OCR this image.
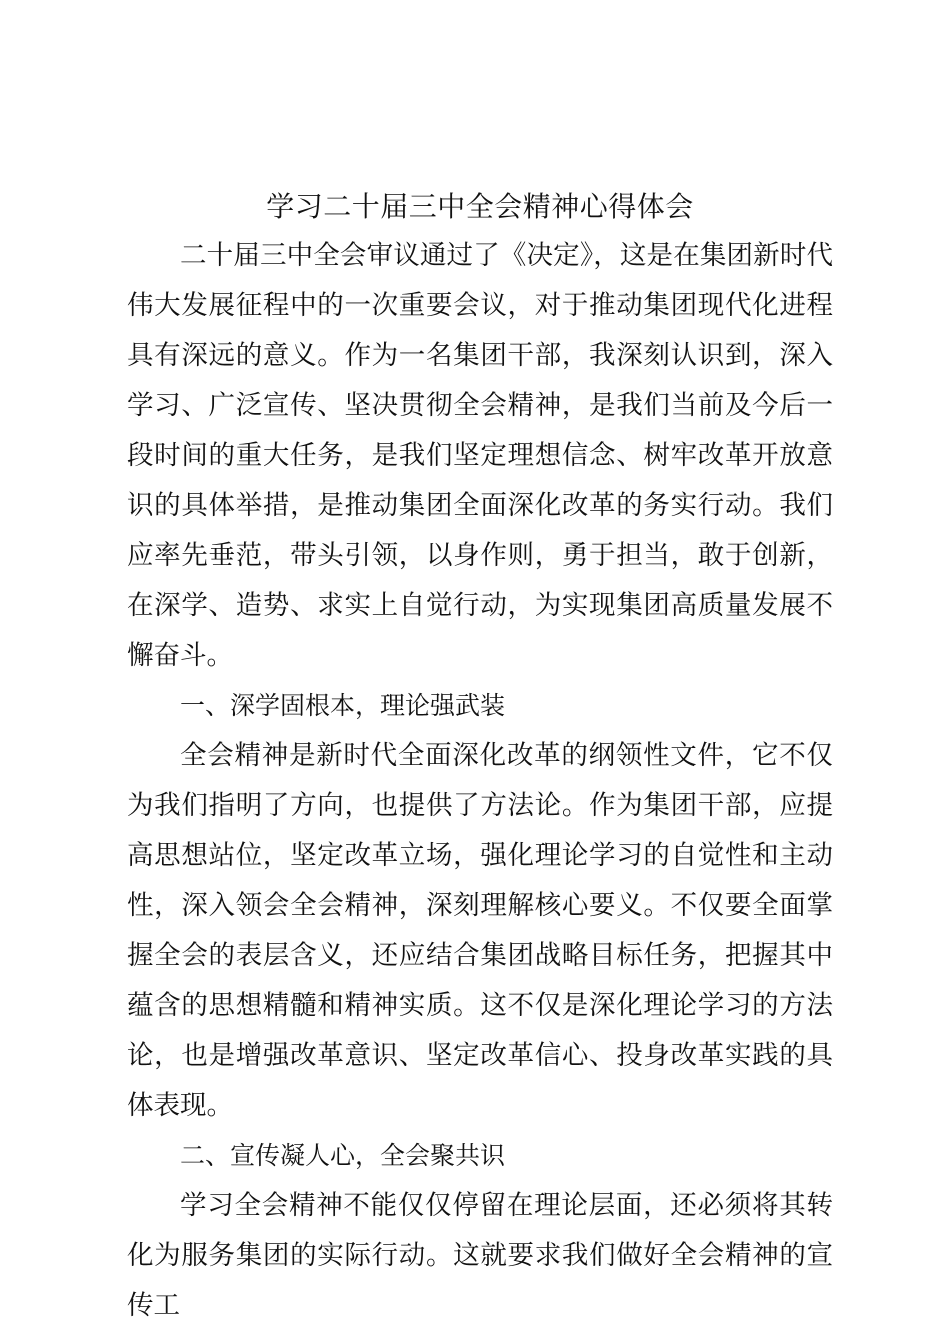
学习二十届三中全会精神心得体会

二十届三中全会审议通过了《决定》，这是在集团新时代伟大发展征程中的一次重要会议，对于推动集团现代化进程具有深远的意义。作为一名集团干部，我深刻认识到，深入学习、广泛宣传、坚决贯彻全会精神，是我们当前及今后一段时间的重大任务，是我们坚定理想信念、树牢改革开放意识的具体举措，是推动集团全面深化改革的务实行动。我们应率先垂范，带头引领，以身作则，勇于担当，敢于创新，在深学、造势、求实上自觉行动，为实现集团高质量发展不懈奋斗。

一、深学固根本，理论强武装

全会精神是新时代全面深化改革的纲领性文件，它不仅为我们指明了方向，也提供了方法论。作为集团干部，应提高思想站位，坚定改革立场，强化理论学习的自觉性和主动性，深入领会全会精神，深刻理解核心要义。不仅要全面掌握全会的表层含义，还应结合集团战略目标任务，把握其中蕴含的思想精髓和精神实质。这不仅是深化理论学习的方法论，也是增强改革意识、坚定改革信心、投身改革实践的具体表现。

二、宣传凝人心，全会聚共识

学习全会精神不能仅仅停留在理论层面，还必须将其转化为服务集团的实际行动。这就要求我们做好全会精神的宣传工
